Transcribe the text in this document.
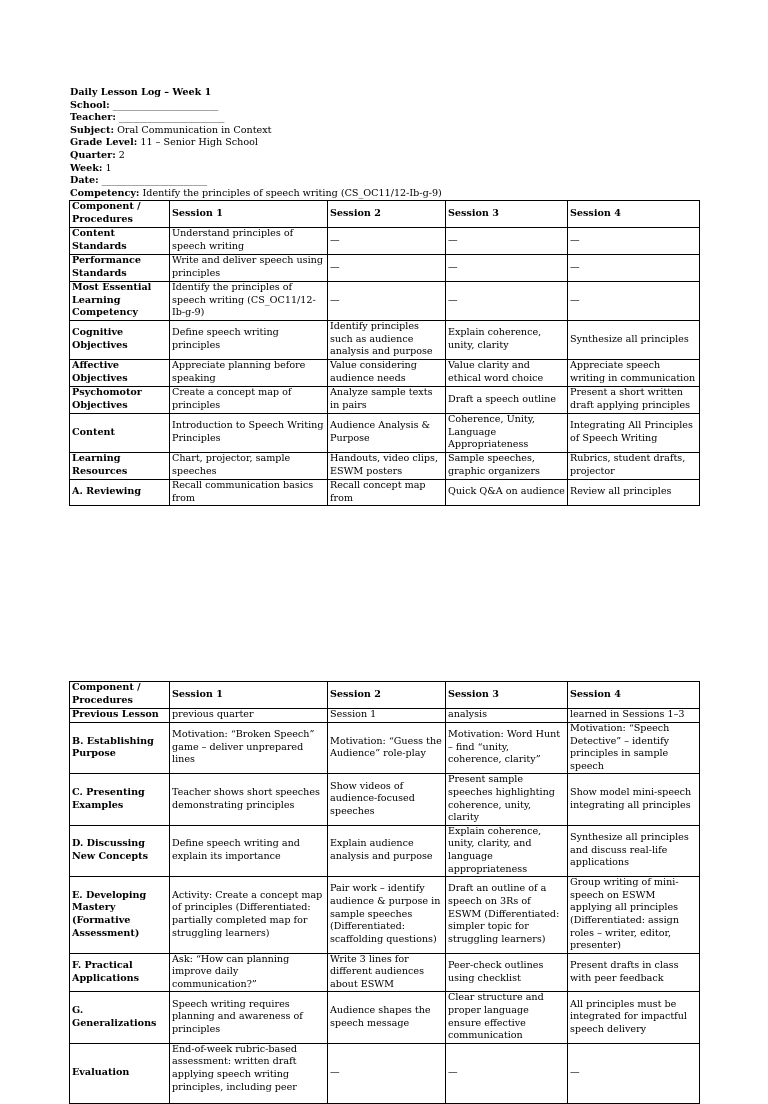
Daily Lesson Log – Week 1
School: ______________________
Teacher: ______________________
Subject: Oral Communication in Context
Grade Level: 11 – Senior High School
Quarter: 2
Week: 1
Date: ______________________
Competency: Identify the principles of speech writing (CS_OC11/12-Ib-g-9)
Component / Procedures	Session 1	Session 2	Session 3	Session 4
Content Standards	Understand principles of speech writing	—	—	—
Performance Standards	Write and deliver speech using principles	—	—	—
Most Essential Learning Competency	Identify the principles of speech writing (CS_OC11/12-Ib-g-9)	—	—	—
Cognitive Objectives	Define speech writing principles	Identify principles such as audience analysis and purpose	Explain coherence, unity, clarity	Synthesize all principles
Affective Objectives	Appreciate planning before speaking	Value considering audience needs	Value clarity and ethical word choice	Appreciate speech writing in communication
Psychomotor Objectives	Create a concept map of principles	Analyze sample texts in pairs	Draft a speech outline	Present a short written draft applying principles
Content	Introduction to Speech Writing Principles	Audience Analysis & Purpose	Coherence, Unity, Language Appropriateness	Integrating All Principles of Speech Writing
Learning Resources	Chart, projector, sample speeches	Handouts, video clips, ESWM posters	Sample speeches, graphic organizers	Rubrics, student drafts, projector
A. Reviewing	Recall communication basics from	Recall concept map from	Quick Q&A on audience	Review all principles
Component / Procedures	Session 1	Session 2	Session 3	Session 4
Previous Lesson	previous quarter	Session 1	analysis	learned in Sessions 1–3
B. Establishing Purpose	Motivation: “Broken Speech” game – deliver unprepared lines	Motivation: “Guess the Audience” role-play	Motivation: Word Hunt – find “unity, coherence, clarity”	Motivation: “Speech Detective” – identify principles in sample speech
C. Presenting Examples	Teacher shows short speeches demonstrating principles	Show videos of audience-focused speeches	Present sample speeches highlighting coherence, unity, clarity	Show model mini-speech integrating all principles
D. Discussing New Concepts	Define speech writing and explain its importance	Explain audience analysis and purpose	Explain coherence, unity, clarity, and language appropriateness	Synthesize all principles and discuss real-life applications
E. Developing Mastery (Formative Assessment)	Activity: Create a concept map of principles (Differentiated: partially completed map for struggling learners)	Pair work – identify audience & purpose in sample speeches (Differentiated: scaffolding questions)	Draft an outline of a speech on 3Rs of ESWM (Differentiated: simpler topic for struggling learners)	Group writing of mini-speech on ESWM applying all principles (Differentiated: assign roles – writer, editor, presenter)
F. Practical Applications	Ask: “How can planning improve daily communication?”	Write 3 lines for different audiences about ESWM	Peer-check outlines using checklist	Present drafts in class with peer feedback
G. Generalizations	Speech writing requires planning and awareness of principles	Audience shapes the speech message	Clear structure and proper language ensure effective communication	All principles must be integrated for impactful speech delivery
Evaluation	End-of-week rubric-based assessment: written draft applying speech writing principles, including peer	—	—	—
